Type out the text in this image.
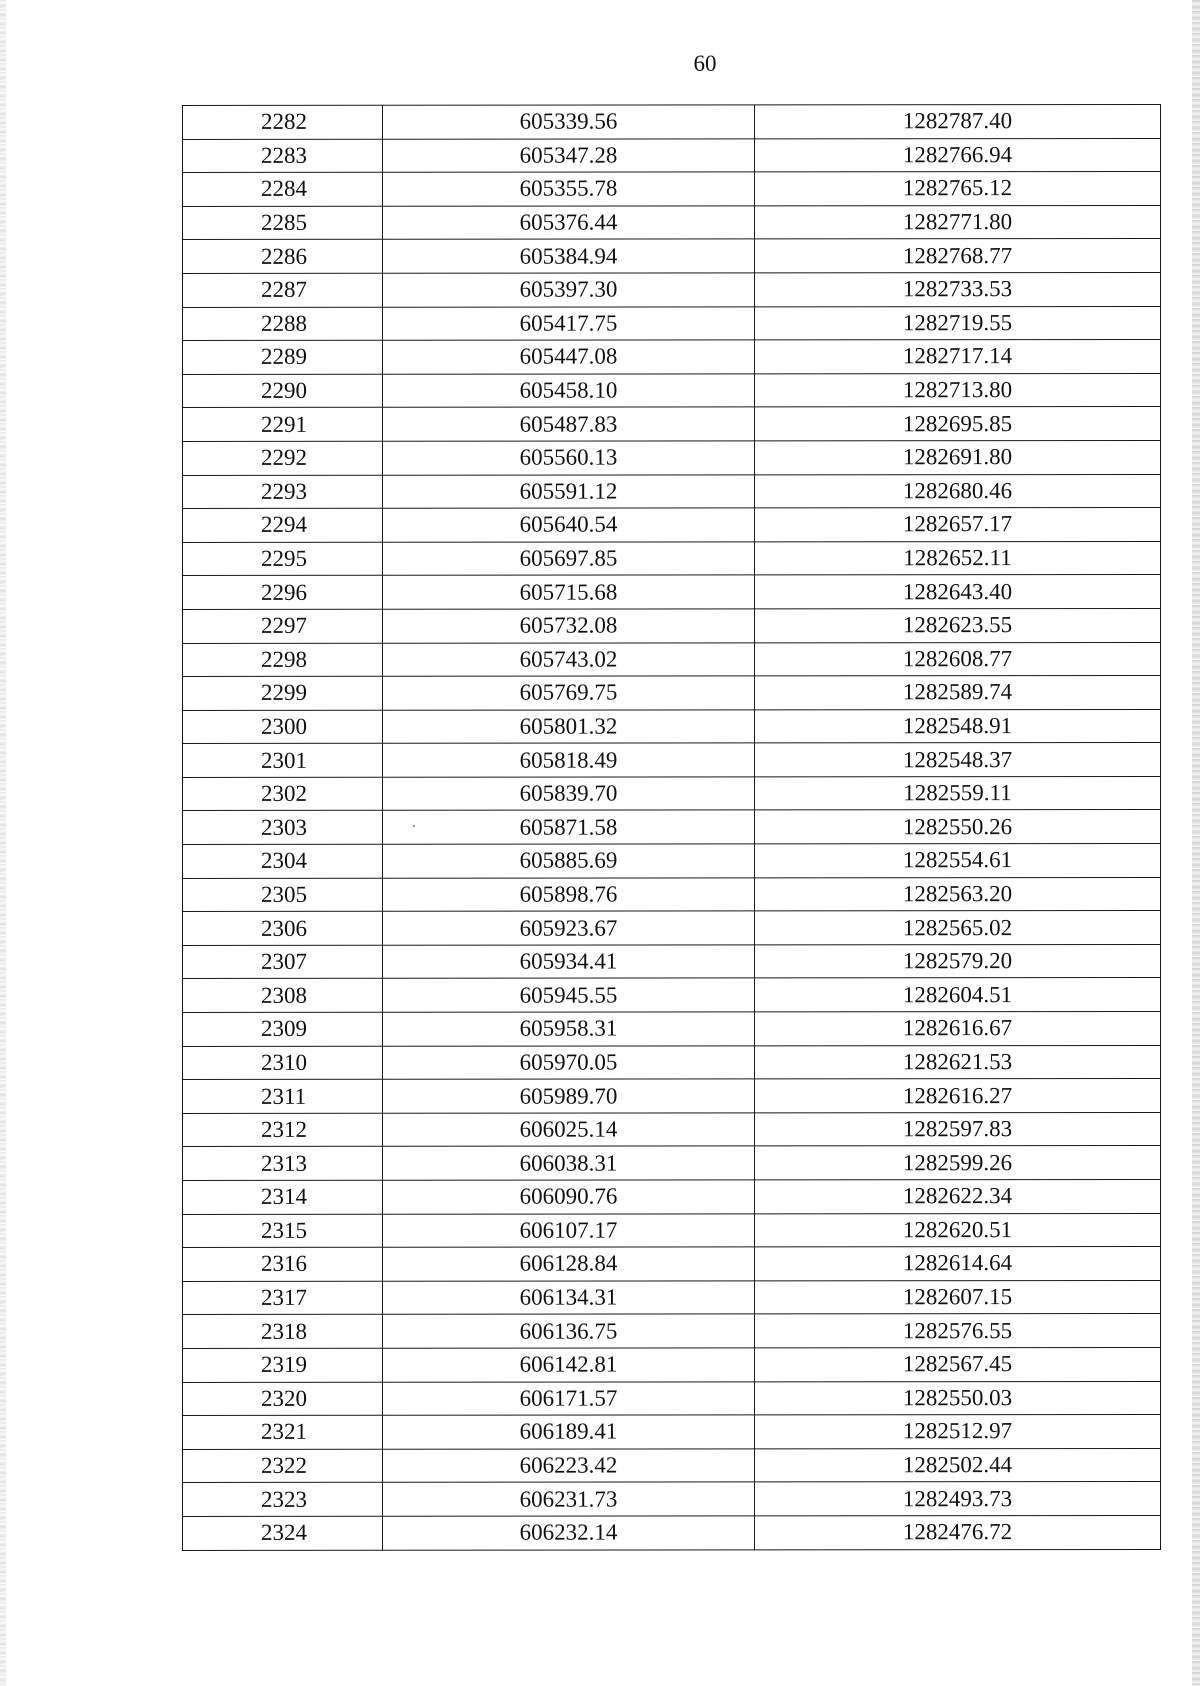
60
2282	605339.56	1282787.40
2283	605347.28	1282766.94
2284	605355.78	1282765.12
2285	605376.44	1282771.80
2286	605384.94	1282768.77
2287	605397.30	1282733.53
2288	605417.75	1282719.55
2289	605447.08	1282717.14
2290	605458.10	1282713.80
2291	605487.83	1282695.85
2292	605560.13	1282691.80
2293	605591.12	1282680.46
2294	605640.54	1282657.17
2295	605697.85	1282652.11
2296	605715.68	1282643.40
2297	605732.08	1282623.55
2298	605743.02	1282608.77
2299	605769.75	1282589.74
2300	605801.32	1282548.91
2301	605818.49	1282548.37
2302	605839.70	1282559.11
2303	605871.58	1282550.26
2304	605885.69	1282554.61
2305	605898.76	1282563.20
2306	605923.67	1282565.02
2307	605934.41	1282579.20
2308	605945.55	1282604.51
2309	605958.31	1282616.67
2310	605970.05	1282621.53
2311	605989.70	1282616.27
2312	606025.14	1282597.83
2313	606038.31	1282599.26
2314	606090.76	1282622.34
2315	606107.17	1282620.51
2316	606128.84	1282614.64
2317	606134.31	1282607.15
2318	606136.75	1282576.55
2319	606142.81	1282567.45
2320	606171.57	1282550.03
2321	606189.41	1282512.97
2322	606223.42	1282502.44
2323	606231.73	1282493.73
2324	606232.14	1282476.72
